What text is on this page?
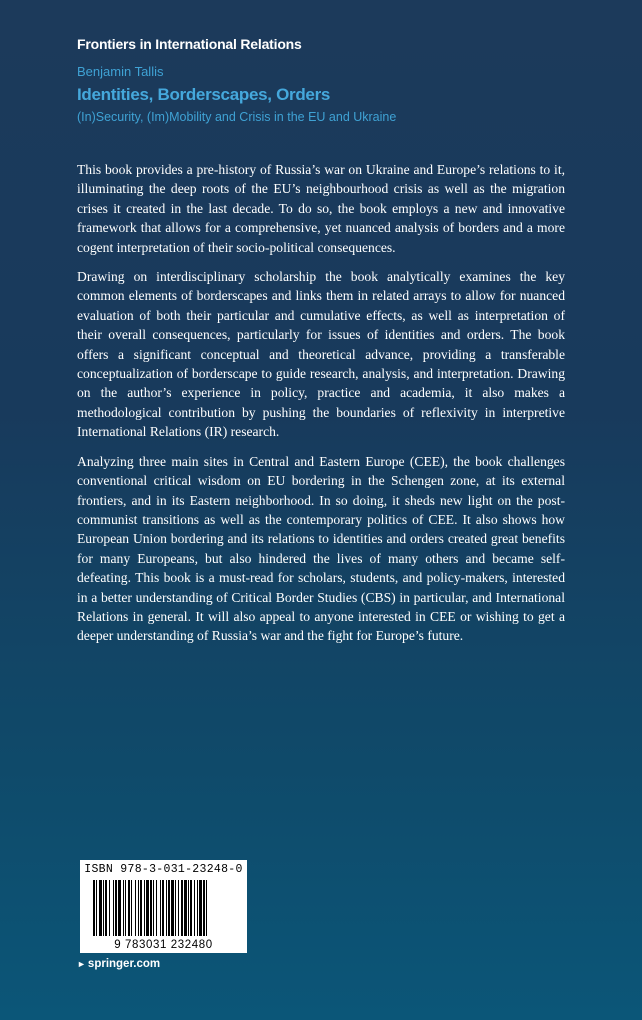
Frontiers in International Relations
Benjamin Tallis
Identities, Borderscapes, Orders
(In)Security, (Im)Mobility and Crisis in the EU and Ukraine

This book provides a pre-history of Russia’s war on Ukraine and Europe’s relations to it, illuminating the deep roots of the EU’s neighbourhood crisis as well as the migration crises it created in the last decade. To do so, the book employs a new and innovative framework that allows for a comprehensive, yet nuanced analysis of borders and a more cogent interpretation of their socio-political consequences.

Drawing on interdisciplinary scholarship the book analytically examines the key common elements of borderscapes and links them in related arrays to allow for nuanced evaluation of both their particular and cumulative effects, as well as interpretation of their overall consequences, particularly for issues of identities and orders. The book offers a significant conceptual and theoretical advance, providing a transferable conceptualization of borderscape to guide research, analysis, and interpretation. Drawing on the author’s experience in policy, practice and academia, it also makes a methodological contribution by pushing the boundaries of reflexivity in interpretive International Relations (IR) research.

Analyzing three main sites in Central and Eastern Europe (CEE), the book challenges conventional critical wisdom on EU bordering in the Schengen zone, at its external frontiers, and in its Eastern neighborhood. In so doing, it sheds new light on the post-communist transitions as well as the contemporary politics of CEE. It also shows how European Union bordering and its relations to identities and orders created great benefits for many Europeans, but also hindered the lives of many others and became self-defeating. This book is a must-read for scholars, students, and policy-makers, interested in a better understanding of Critical Border Studies (CBS) in particular, and International Relations in general. It will also appeal to anyone interested in CEE or wishing to get a deeper understanding of Russia’s war and the fight for Europe’s future.

ISBN 978-3-031-23248-0
9 783031 232480
► springer.com
